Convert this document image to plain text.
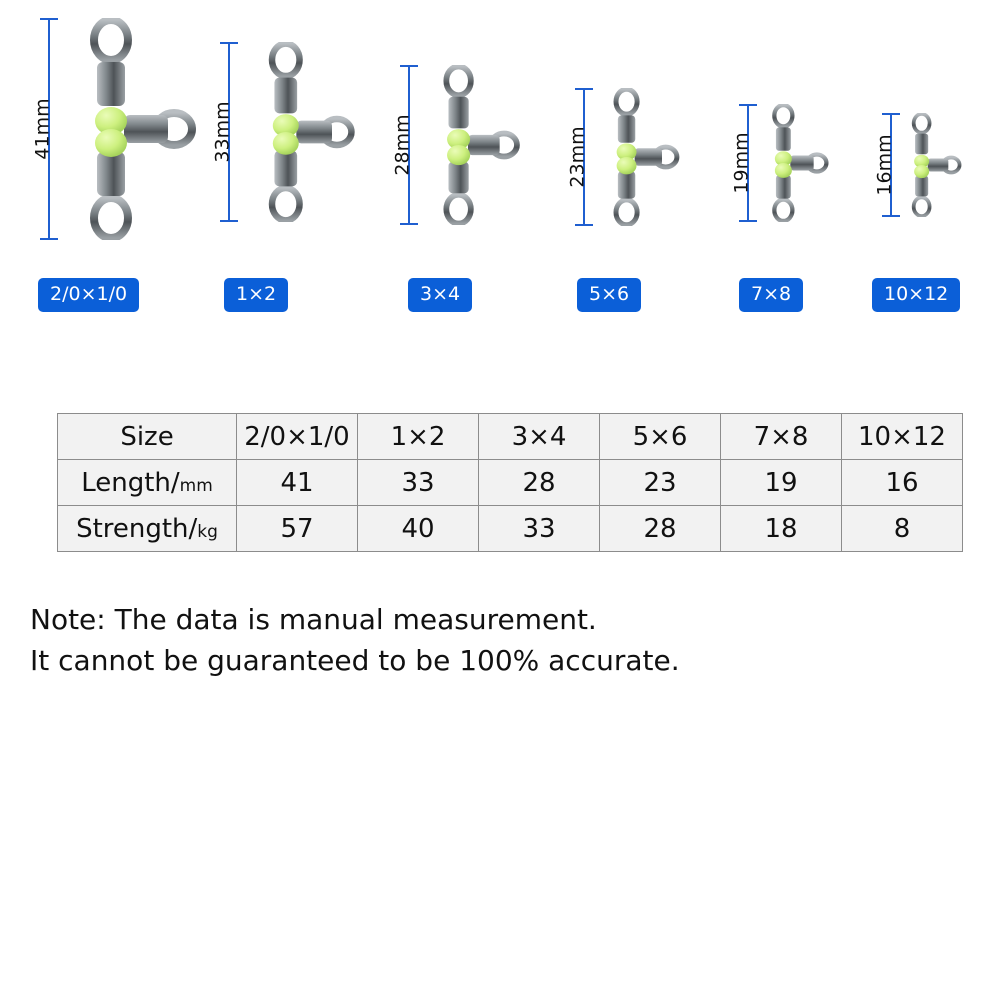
41mm
2/0×1/0
33mm
1×2
28mm
3×4
23mm
5×6
19mm
7×8
16mm
10×12
Size	2/0×1/0	1×2	3×4	5×6	7×8	10×12
Length/mm	41	33	28	23	19	16
Strength/kg	57	40	33	28	18	8
Note: The data is manual measurement.
It cannot be guaranteed to be 100% accurate.
